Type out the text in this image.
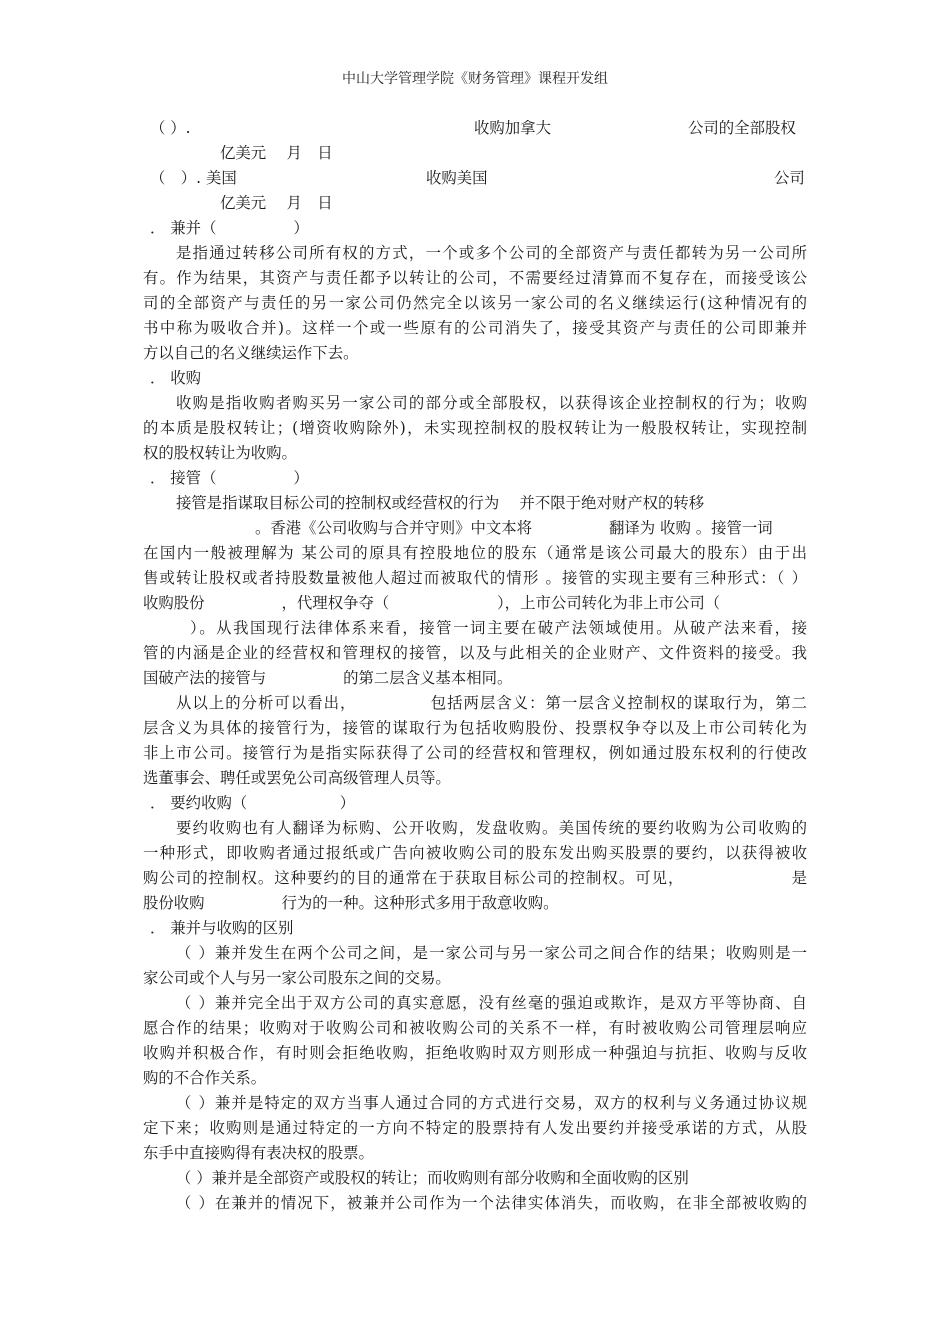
中山大学管理学院《财务管理》课程开发组
（ ）.	收购加拿大	公司的全部股权
亿美元　 月　日
（　）. 美国	收购美国	公司
亿美元　 月　日
． 兼并（　　　　　）
是指通过转移公司所有权的方式，一个或多个公司的全部资产与责任都转为另一公司所
有。作为结果，其资产与责任都予以转让的公司，不需要经过清算而不复存在，而接受该公
司的全部资产与责任的另一家公司仍然完全以该另一家公司的名义继续运行(这种情况有的
书中称为吸收合并)。这样一个或一些原有的公司消失了，接受其资产与责任的公司即兼并
方以自己的名义继续运作下去。
． 收购
收购是指收购者购买另一家公司的部分或全部股权，以获得该企业控制权的行为；收购
的本质是股权转让；(增资收购除外)，未实现控制权的股权转让为一般股权转让，实现控制
权的股权转让为收购。
． 接管（　　　　　）
接管是指谋取目标公司的控制权或经营权的行为　 并不限于绝对财产权的转移
。香港《公司收购与合并守则》中文本将　　　　　翻译为 收购 。接管一词
在国内一般被理解为 某公司的原具有控股地位的股东（通常是该公司最大的股东）由于出
售或转让股权或者持股数量被他人超过而被取代的情形 。接管的实现主要有三种形式：（ ）
收购股份　　　　　，代理权争夺（　　　　　　　），上市公司转化为非上市公司（
）。从我国现行法律体系来看，接管一词主要在破产法领域使用。从破产法来看，接
管的内涵是企业的经营权和管理权的接管，以及与此相关的企业财产、文件资料的接受。我
国破产法的接管与　　　　　的第二层含义基本相同。
从以上的分析可以看出，　　　　　包括两层含义：第一层含义控制权的谋取行为，第二
层含义为具体的接管行为，接管的谋取行为包括收购股份、投票权争夺以及上市公司转化为
非上市公司。接管行为是指实际获得了公司的经营权和管理权，例如通过股东权利的行使改
选董事会、聘任或罢免公司高级管理人员等。
． 要约收购（　　　　　　）
要约收购也有人翻译为标购、公开收购，发盘收购。美国传统的要约收购为公司收购的
一种形式，即收购者通过报纸或广告向被收购公司的股东发出购买股票的要约，以获得被收
购公司的控制权。这种要约的目的通常在于获取目标公司的控制权。可见，　　　　　　　是
股份收购　　　　　行为的一种。这种形式多用于敌意收购。
． 兼并与收购的区别
（ ）兼并发生在两个公司之间，是一家公司与另一家公司之间合作的结果；收购则是一
家公司或个人与另一家公司股东之间的交易。
（ ）兼并完全出于双方公司的真实意愿，没有丝毫的强迫或欺诈，是双方平等协商、自
愿合作的结果；收购对于收购公司和被收购公司的关系不一样，有时被收购公司管理层响应
收购并积极合作，有时则会拒绝收购，拒绝收购时双方则形成一种强迫与抗拒、收购与反收
购的不合作关系。
（ ）兼并是特定的双方当事人通过合同的方式进行交易，双方的权利与义务通过协议规
定下来；收购则是通过特定的一方向不特定的股票持有人发出要约并接受承诺的方式，从股
东手中直接购得有表决权的股票。
（ ）兼并是全部资产或股权的转让；而收购则有部分收购和全面收购的区别
（ ）在兼并的情况下，被兼并公司作为一个法律实体消失，而收购，在非全部被收购的
